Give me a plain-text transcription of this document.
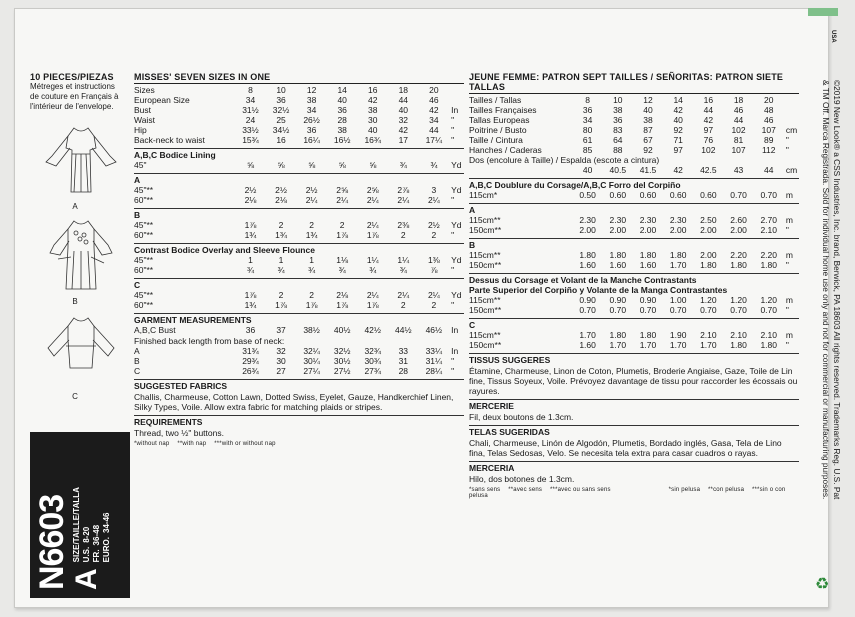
10 PIECES/PIEZAS
Métreges et instructions
de couture en Français à
l'intérieur de l'envelope.
A
B
C
N6603 A
SIZE/TAILLE/TALLA U.S.8-20
FR.36-48
EURO.34-46
MISSES' SEVEN SIZES IN ONE
Sizes	8	10	12	14	16	18	20	
European Size	34	36	38	40	42	44	46	
Bust	31½	32½	34	36	38	40	42	In
Waist	24	25	26½	28	30	32	34	"
Hip	33½	34½	36	38	40	42	44	"
Back-neck to waist	15¾	16	16¼	16½	16¾	17	17¼	"
A,B,C Bodice Lining
45"	⅝	⅝	⅝	⅝	⅝	¾	¾	Yd
A
45"**	2½	2½	2½	2⅝	2⅝	2⅞	3	Yd
60"**	2⅛	2⅛	2¼	2¼	2¼	2¼	2¼	"
B
45"**	1⅞	2	2	2	2¼	2⅜	2½	Yd
60"**	1¾	1¾	1¾	1⅞	1⅞	2	2	"
Contrast Bodice Overlay and Sleeve Flounce
45"**	1	1	1	1⅛	1¼	1¼	1⅜	Yd
60"**	¾	¾	¾	¾	¾	¾	⅞	"
C
45"**	1⅞	2	2	2⅛	2¼	2¼	2¼	Yd
60"**	1¾	1⅞	1⅞	1⅞	1⅞	2	2	"
GARMENT MEASUREMENTS
A,B,C Bust	36	37	38½	40½	42½	44½	46½	In
Finished back length from base of neck:
A	31¾	32	32¼	32½	32¾	33	33¼	In
B	29¾	30	30¼	30½	30¾	31	31¼	"
C	26¾	27	27¼	27½	27¾	28	28¼	"
SUGGESTED FABRICS
Challis, Charmeuse, Cotton Lawn, Dotted Swiss, Eyelet, Gauze, Handkerchief Linen, Silky Types, Voile. Allow extra fabric for matching plaids or stripes.
REQUIREMENTS
Thread, two ½" buttons.
*without nap **with nap ***with or without nap
JEUNE FEMME: PATRON SEPT TAILLES / SEÑORITAS: PATRON SIETE TALLAS
Tailles / Tallas	8	10	12	14	16	18	20	
Tailles Françaises	36	38	40	42	44	46	48	
Tallas Europeas	34	36	38	40	42	44	46	
Poitrine / Busto	80	83	87	92	97	102	107	cm
Taille / Cintura	61	64	67	71	76	81	89	"
Hanches / Caderas	85	88	92	97	102	107	112	"
Dos (encolure à Taille) / Espalda (escote a cintura)
	40	40.5	41.5	42	42.5	43	44	cm
A,B,C Doublure du Corsage/A,B,C Forro del Corpiño
115cm*	0.50	0.60	0.60	0.60	0.60	0.70	0.70	m
A
115cm**	2.30	2.30	2.30	2.30	2.50	2.60	2.70	m
150cm**	2.00	2.00	2.00	2.00	2.00	2.00	2.10	"
B
115cm**	1.80	1.80	1.80	1.80	2.00	2.20	2.20	m
150cm**	1.60	1.60	1.60	1.70	1.80	1.80	1.80	"
Dessus du Corsage et Volant de la Manche Contrastants
Parte Superior del Corpiño y Volante de la Manga Contrastantes
115cm**	0.90	0.90	0.90	1.00	1.20	1.20	1.20	m
150cm**	0.70	0.70	0.70	0.70	0.70	0.70	0.70	"
C
115cm**	1.70	1.80	1.80	1.90	2.10	2.10	2.10	m
150cm**	1.60	1.70	1.70	1.70	1.70	1.80	1.80	"
TISSUS SUGGERES
Étamine, Charmeuse, Linon de Coton, Plumetis, Broderie Angiaise, Gaze, Toile de Lin fine, Tissus Soyeux, Voile. Prévoyez davantage de tissu pour raccorder les écossais ou rayures.
MERCERIE
Fil, deux boutons de 1.3cm.
TELAS SUGERIDAS
Chali, Charmeuse, Linón de Algodón, Plumetis, Bordado inglés, Gasa, Tela de Lino fina, Telas Sedosas, Velo. Se necesita tela extra para casar cuadros o rayas.
MERCERIA
Hilo, dos botones de 1.3cm.
*sans sens **avec sens ***avec ou sans sens	*sin pelusa **con pelusa ***sin o con pelusa	©2019 New Look® a CSS Industries, Inc. brand, Berwick, PA 18603 All rights reserved. Trademarks Reg. U.S. Pat
& TM Off. Marca Registrada. Sold for individual home use only and not for commercial or manufacturing purposes.
USA
♻
